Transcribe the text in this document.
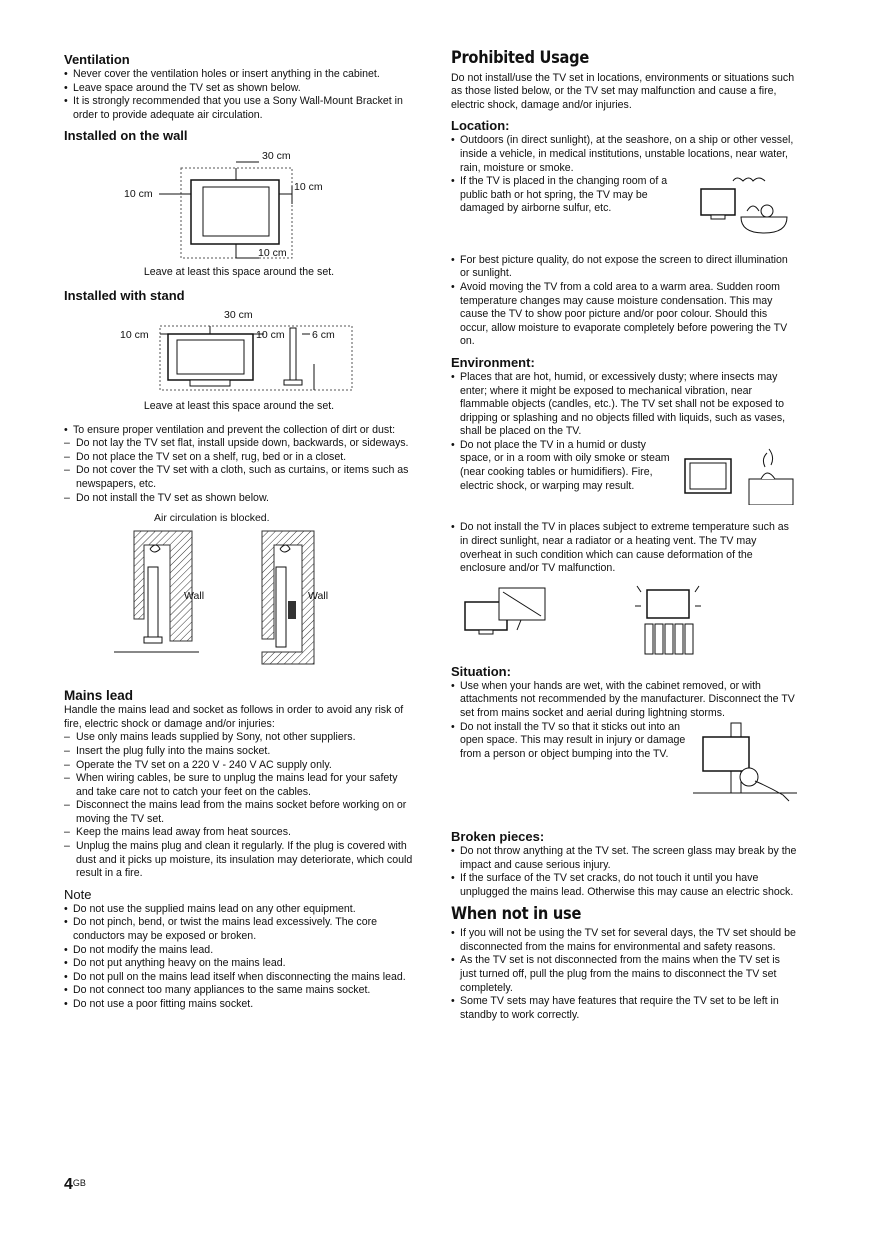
Ventilation
• Never cover the ventilation holes or insert anything in the cabinet.
• Leave space around the TV set as shown below.
• It is strongly recommended that you use a Sony Wall-Mount Bracket in order to provide adequate air circulation.
Installed on the wall
30 cm
10 cm
10 cm
10 cm
Leave at least this space around the set.
Installed with stand
30 cm
10 cm	10 cm	6 cm
Leave at least this space around the set.
• To ensure proper ventilation and prevent the collection of dirt or dust:
– Do not lay the TV set flat, install upside down, backwards, or sideways.
– Do not place the TV set on a shelf, rug, bed or in a closet.
– Do not cover the TV set with a cloth, such as curtains, or items such as newspapers, etc.
– Do not install the TV set as shown below.
Air circulation is blocked.
Wall	Wall
Mains lead

Handle the mains lead and socket as follows in order to avoid any risk of fire, electric shock or damage and/or injuries:

– Use only mains leads supplied by Sony, not other suppliers.
– Insert the plug fully into the mains socket.
– Operate the TV set on a 220 V - 240 V AC supply only.
– When wiring cables, be sure to unplug the mains lead for your safety and take care not to catch your feet on the cables.
– Disconnect the mains lead from the mains socket before working on or moving the TV set.
– Keep the mains lead away from heat sources.
– Unplug the mains plug and clean it regularly. If the plug is covered with dust and it picks up moisture, its insulation may deteriorate, which could result in a fire.
Note
• Do not use the supplied mains lead on any other equipment.
• Do not pinch, bend, or twist the mains lead excessively. The core conductors may be exposed or broken.
• Do not modify the mains lead.
• Do not put anything heavy on the mains lead.
• Do not pull on the mains lead itself when disconnecting the mains lead.
• Do not connect too many appliances to the same mains socket.
• Do not use a poor fitting mains socket.
Prohibited Usage

Do not install/use the TV set in locations, environments or situations such as those listed below, or the TV set may malfunction and cause a fire, electric shock, damage and/or injuries.

Location:
• Outdoors (in direct sunlight), at the seashore, on a ship or other vessel, inside a vehicle, in medical institutions, unstable locations, near water, rain, moisture or smoke.
• If the TV is placed in the changing room of a public bath or hot spring, the TV may be damaged by airborne sulfur, etc.
• For best picture quality, do not expose the screen to direct illumination or sunlight.
• Avoid moving the TV from a cold area to a warm area. Sudden room temperature changes may cause moisture condensation. This may cause the TV to show poor picture and/or poor colour. Should this occur, allow moisture to evaporate completely before powering the TV on.
Environment:
• Places that are hot, humid, or excessively dusty; where insects may enter; where it might be exposed to mechanical vibration, near flammable objects (candles, etc.). The TV set shall not be exposed to dripping or splashing and no objects filled with liquids, such as vases, shall be placed on the TV.
• Do not place the TV in a humid or dusty space, or in a room with oily smoke or steam (near cooking tables or humidifiers). Fire, electric shock, or warping may result.
• Do not install the TV in places subject to extreme temperature such as in direct sunlight, near a radiator or a heating vent. The TV may overheat in such condition which can cause deformation of the enclosure and/or TV malfunction.
Situation:
• Use when your hands are wet, with the cabinet removed, or with attachments not recommended by the manufacturer. Disconnect the TV set from mains socket and aerial during lightning storms.
• Do not install the TV so that it sticks out into an open space. This may result in injury or damage from a person or object bumping into the TV.
Broken pieces:
• Do not throw anything at the TV set. The screen glass may break by the impact and cause serious injury.
• If the surface of the TV set cracks, do not touch it until you have unplugged the mains lead. Otherwise this may cause an electric shock.
When not in use
• If you will not be using the TV set for several days, the TV set should be disconnected from the mains for environmental and safety reasons.
• As the TV set is not disconnected from the mains when the TV set is just turned off, pull the plug from the mains to disconnect the TV set completely.
• Some TV sets may have features that require the TV set to be left in standby to work correctly.
$4^{GB}$
